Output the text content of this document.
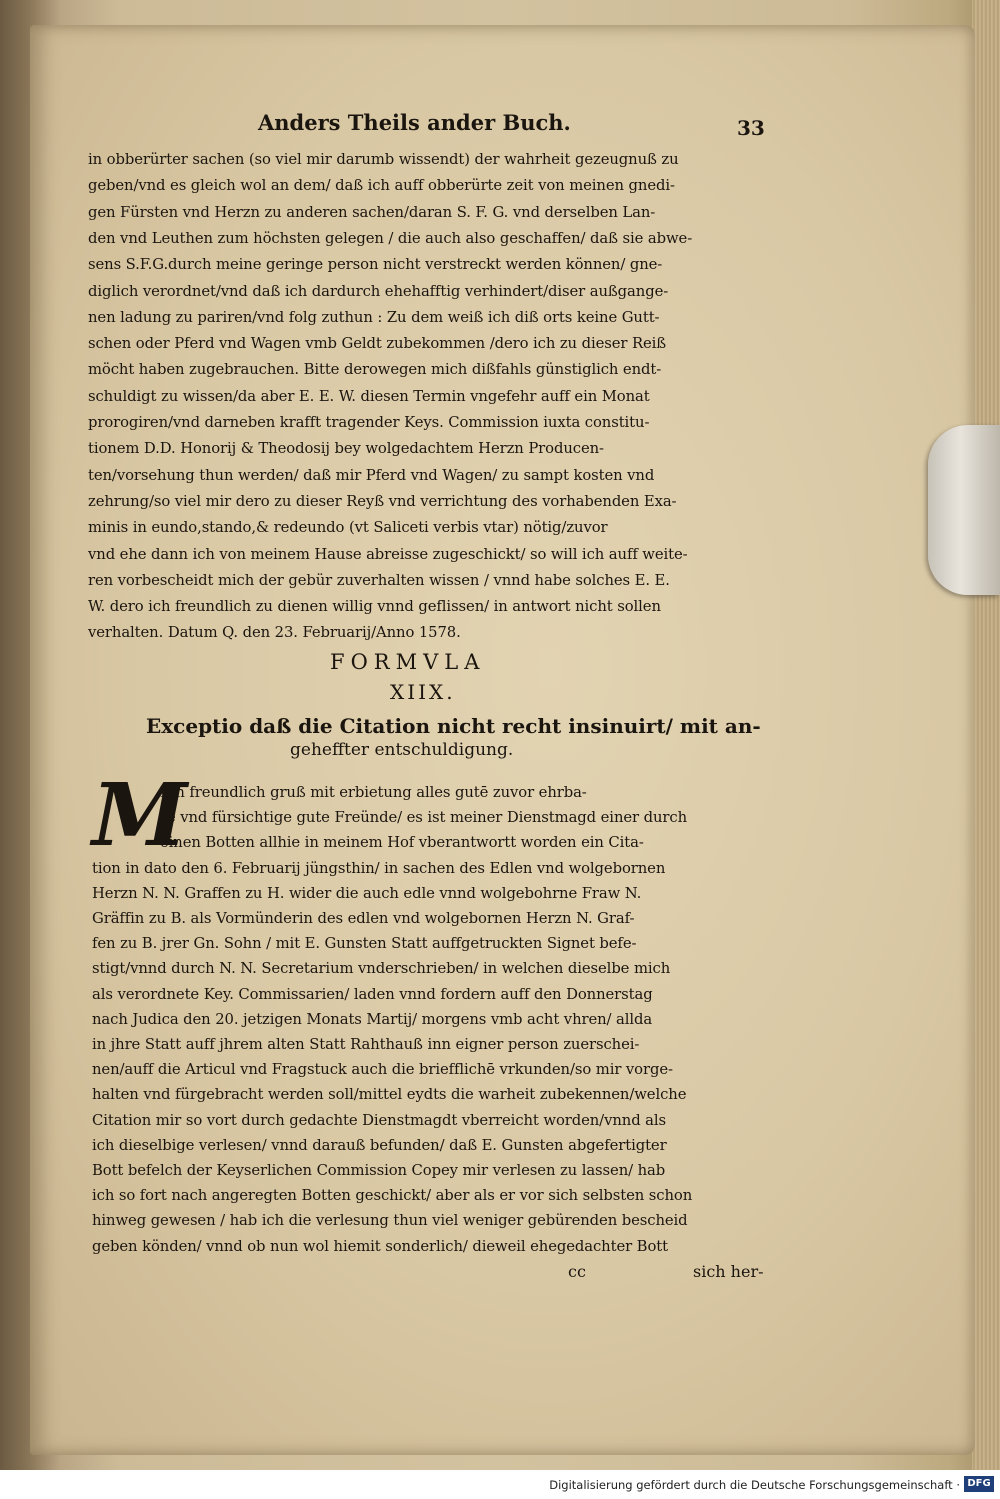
Anders Theils ander Buch.	33
in obberürter sachen (so viel mir darumb wissendt) der wahrheit gezeugnuß zu
geben/vnd es gleich wol an dem/ daß ich auff obberürte zeit von meinen gnedi-
gen Fürsten vnd Herzn zu anderen sachen/daran S. F. G. vnd derselben Lan-
den vnd Leuthen zum höchsten gelegen / die auch also geschaffen/ daß sie abwe-
sens S.F.G.durch meine geringe person nicht verstreckt werden können/ gne-
diglich verordnet/vnd daß ich dardurch ehehafftig verhindert/diser außgange-
nen ladung zu pariren/vnd folg zuthun : Zu dem weiß ich diß orts keine Gutt-
schen oder Pferd vnd Wagen vmb Geldt zubekommen /dero ich zu dieser Reiß
möcht haben zugebrauchen. Bitte derowegen mich dißfahls günstiglich endt-
schuldigt zu wissen/da aber E. E. W. diesen Termin vngefehr auff ein Monat
prorogiren/vnd darneben krafft tragender Keys. Commission iuxta constitu-
tionem D.D. Honorij & Theodosij bey wolgedachtem Herzn Producen-
ten/vorsehung thun werden/ daß mir Pferd vnd Wagen/ zu sampt kosten vnd
zehrung/so viel mir dero zu dieser Reyß vnd verrichtung des vorhabenden Exa-
minis in eundo,stando,& redeundo (vt Saliceti verbis vtar) nötig/zuvor
vnd ehe dann ich von meinem Hause abreisse zugeschickt/ so will ich auff weite-
ren vorbescheidt mich der gebür zuverhalten wissen / vnnd habe solches E. E.
W. dero ich freundlich zu dienen willig vnnd geflissen/ in antwort nicht sollen
verhalten. Datum Q. den 23. Februarij/Anno 1578.
FORMVLA
XIIX.
Exceptio daß die Citation nicht recht insinuirt/ mit an-
geheffter entschuldigung.
M
Ein freundlich gruß mit erbietung alles gutē zuvor ehrba-
re vnd fürsichtige gute Freünde/ es ist meiner Dienstmagd einer durch
einen Botten allhie in meinem Hof vberantwortt worden ein Cita-
tion in dato den 6. Februarij jüngsthin/ in sachen des Edlen vnd wolgebornen
Herzn N. N. Graffen zu H. wider die auch edle vnnd wolgebohrne Fraw N.
Gräffin zu B. als Vormünderin des edlen vnd wolgebornen Herzn N. Graf-
fen zu B. jrer Gn. Sohn / mit E. Gunsten Statt auffgetruckten Signet befe-
stigt/vnnd durch N. N. Secretarium vnderschrieben/ in welchen dieselbe mich
als verordnete Key. Commissarien/ laden vnnd fordern auff den Donnerstag
nach Judica den 20. jetzigen Monats Martij/ morgens vmb acht vhren/ allda
in jhre Statt auff jhrem alten Statt Rahthauß inn eigner person zuerschei-
nen/auff die Articul vnd Fragstuck auch die briefflichē vrkunden/so mir vorge-
halten vnd fürgebracht werden soll/mittel eydts die warheit zubekennen/welche
Citation mir so vort durch gedachte Dienstmagdt vberreicht worden/vnnd als
ich dieselbige verlesen/ vnnd darauß befunden/ daß E. Gunsten abgefertigter
Bott befelch der Keyserlichen Commission Copey mir verlesen zu lassen/ hab
ich so fort nach angeregten Botten geschickt/ aber als er vor sich selbsten schon
hinweg gewesen / hab ich die verlesung thun viel weniger gebürenden bescheid
geben könden/ vnnd ob nun wol hiemit sonderlich/ dieweil ehegedachter Bott
cc	sich her-
Digitalisierung gefördert durch die Deutsche Forschungsgemeinschaft · DFG
